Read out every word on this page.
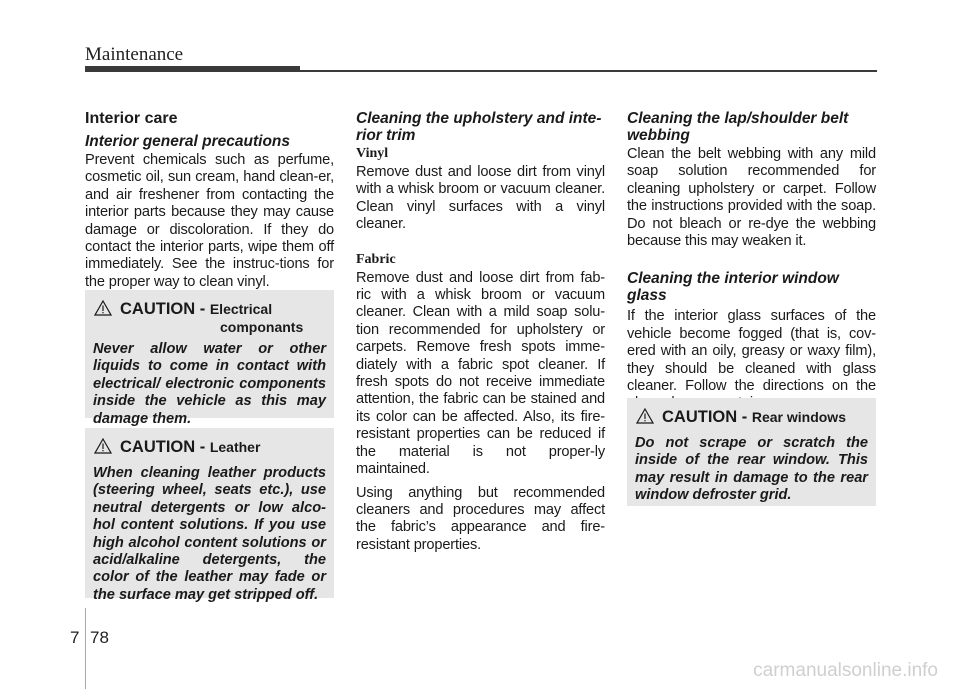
Maintenance
Interior care
Interior general precautions

Prevent chemicals such as perfume, cosmetic oil, sun cream, hand clean-er, and air freshener from contacting the interior parts because they may cause damage or discoloration. If they do contact the interior parts, wipe them off immediately. See the instruc-tions for the proper way to clean vinyl.

CAUTION - Electrical
componants
Never allow water or other liquids to come in contact with electrical/ electronic components inside the vehicle as this may damage them.
CAUTION - Leather
When cleaning leather products (steering wheel, seats etc.), use neutral detergents or low alco-hol content solutions. If you use high alcohol content solutions or acid/alkaline detergents, the color of the leather may fade or the surface may get stripped off.
Cleaning the upholstery and inte-rior trim

Vinyl

Remove dust and loose dirt from vinyl with a whisk broom or vacuum cleaner. Clean vinyl surfaces with a vinyl cleaner.

Fabric

Remove dust and loose dirt from fab-ric with a whisk broom or vacuum cleaner. Clean with a mild soap solu-tion recommended for upholstery or carpets. Remove fresh spots imme-diately with a fabric spot cleaner. If fresh spots do not receive immediate attention, the fabric can be stained and its color can be affected. Also, its fire-resistant properties can be reduced if the material is not proper-ly maintained.

Using anything but recommended cleaners and procedures may affect the fabric’s appearance and fire-resistant properties.

Cleaning the lap/shoulder belt webbing

Clean the belt webbing with any mild soap solution recommended for cleaning upholstery or carpet. Follow the instructions provided with the soap. Do not bleach or re-dye the webbing because this may weaken it.

Cleaning the interior window glass

If the interior glass surfaces of the vehicle become fogged (that is, cov-ered with an oily, greasy or waxy film), they should be cleaned with glass cleaner. Follow the directions on the

CAUTION - Rear windows
Do not scrape or scratch the inside of the rear window. This may result in damage to the rear window defroster grid.
7 78
carmanualsonline.info
